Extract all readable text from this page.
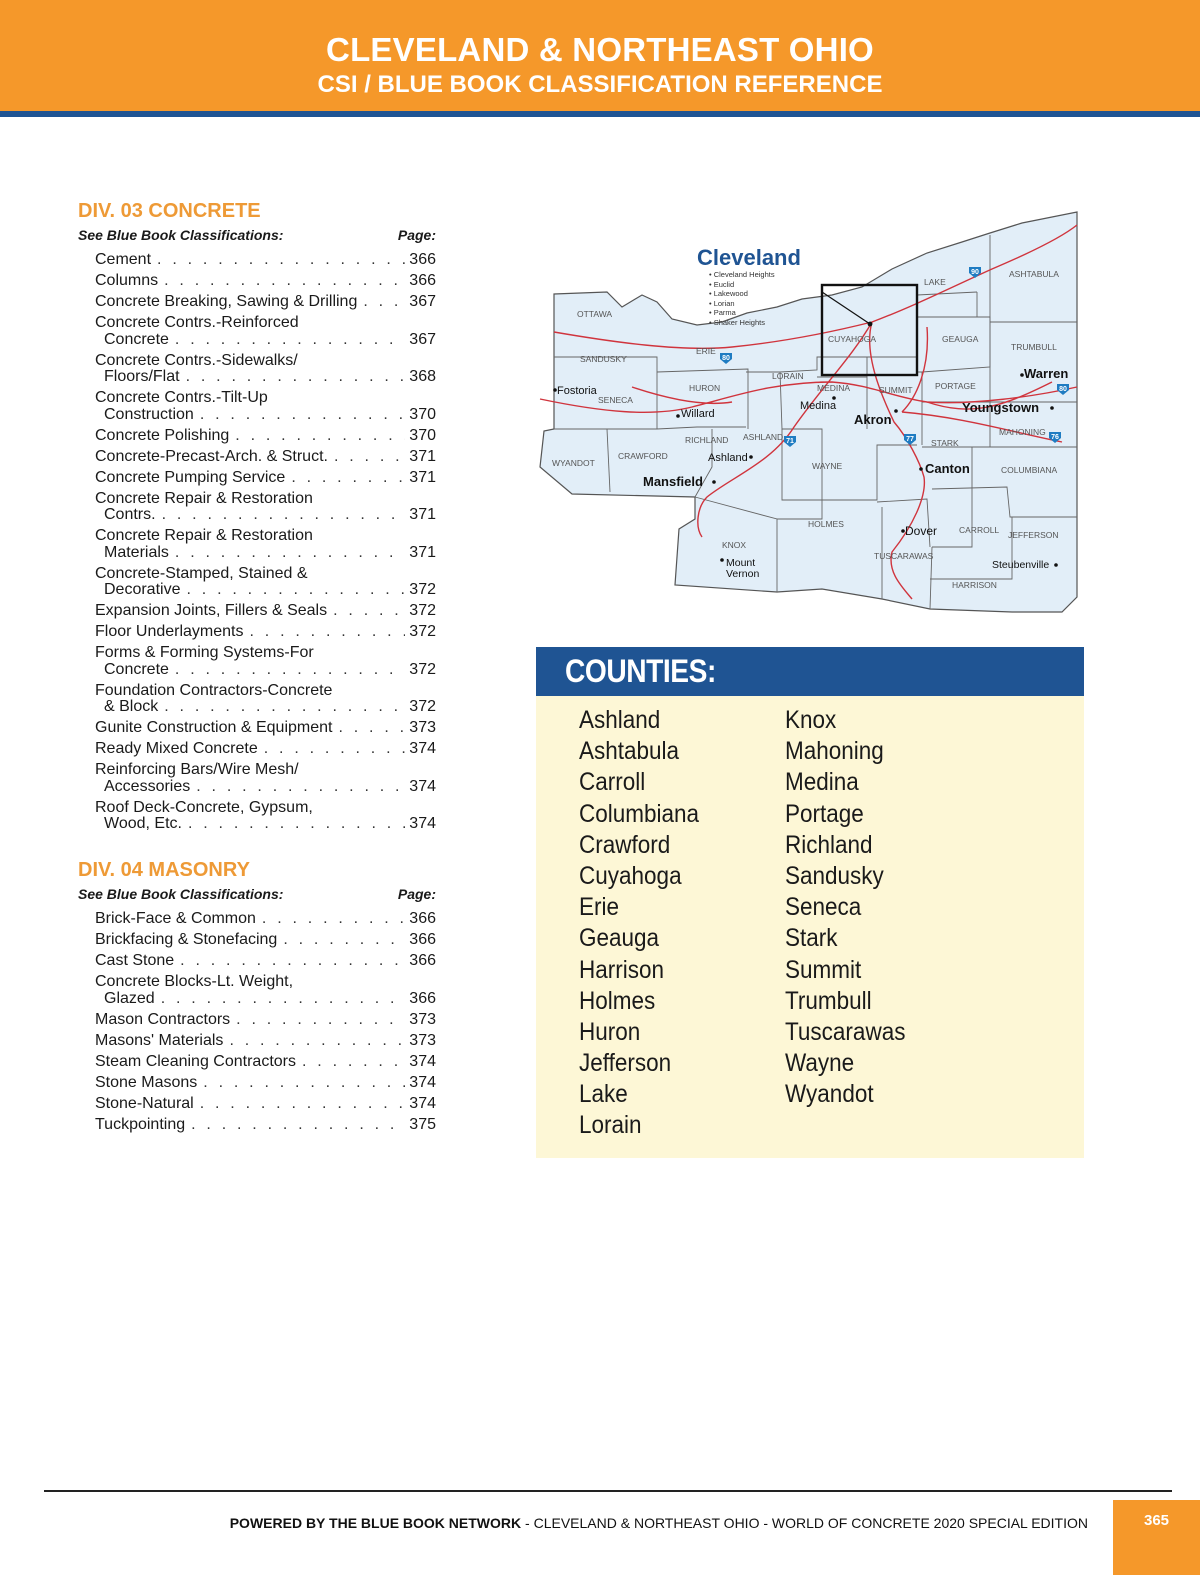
CLEVELAND & NORTHEAST OHIO
CSI / BLUE BOOK CLASSIFICATION REFERENCE
DIV. 03 CONCRETE
See Blue Book Classifications:	Page:
Cement . . .	366
Columns . . .	366
Concrete Breaking, Sawing & Drilling . . .	367
Concrete Contrs.-Reinforced
Concrete . . .	367
Concrete Contrs.-Sidewalks/
Floors/Flat . . .	368
Concrete Contrs.-Tilt-Up
Construction . . .	370
Concrete Polishing . . .	370
Concrete-Precast-Arch. & Struct. . . .	371
Concrete Pumping Service . . .	371
Concrete Repair & Restoration
Contrs. . . .	371
Concrete Repair & Restoration
Materials . . .	371
Concrete-Stamped, Stained &
Decorative . . .	372
Expansion Joints, Fillers & Seals . . .	372
Floor Underlayments . . .	372
Forms & Forming Systems-For
Concrete . . .	372
Foundation Contractors-Concrete
& Block . . .	372
Gunite Construction & Equipment . . .	373
Ready Mixed Concrete . . .	374
Reinforcing Bars/Wire Mesh/
Accessories . . .	374
Roof Deck-Concrete, Gypsum,
Wood, Etc. . . .	374
DIV. 04 MASONRY
See Blue Book Classifications:	Page:
Brick-Face & Common . . .	366
Brickfacing & Stonefacing . . .	366
Cast Stone . . .	366
Concrete Blocks-Lt. Weight,
Glazed . . .	366
Mason Contractors . . .	373
Masons' Materials . . .	373
Steam Cleaning Contractors . . .	374
Stone Masons . . .	374
Stone-Natural . . .	374
Tuckpointing . . .	375
80
90
80
71	77	76
Cleveland
• Cleveland Heights
• Euclid
• Lakewood
• Lorian
• Parma
• Shaker Heights
OTTAWA
SANDUSKY
ERIE
SENECA
HURON
LORAIN
MEDINA
CUYAHOGA
SUMMIT	PORTAGE
GEAUGA
LAKE
ASHTABULA
TRUMBULL
MAHONING
COLUMBIANA
STARK
WAYNE
ASHLAND
RICHLAND
CRAWFORD
WYANDOT
KNOX
HOLMES
TUSCARAWAS
CARROLL JEFFERSON
HARRISON
Fostoria
Willard
Medina
Akron
Warren
Youngstown
Canton
Ashland
Mansfield
Dover
Steubenville
Mount
Vernon
COUNTIES:
Ashland
Ashtabula
Carroll
Columbiana
Crawford
Cuyahoga
Erie
Geauga
Harrison
Holmes
Huron
Jefferson
Lake
Lorain
Knox
Mahoning
Medina
Portage
Richland
Sandusky
Seneca
Stark
Summit
Trumbull
Tuscarawas
Wayne
Wyandot
POWERED BY THE BLUE BOOK NETWORK - CLEVELAND & NORTHEAST OHIO - WORLD OF CONCRETE 2020 SPECIAL EDITION	365
